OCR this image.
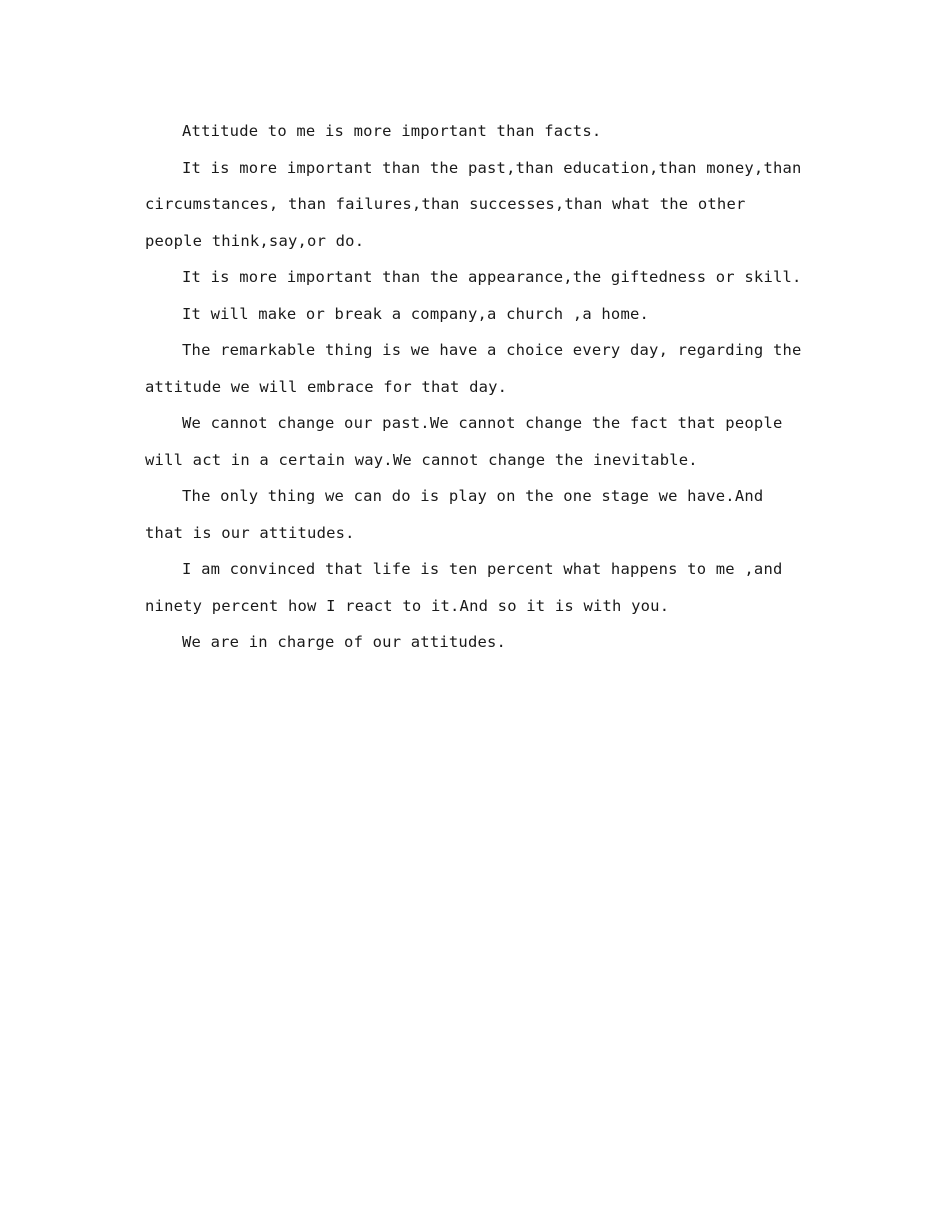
Attitude to me is more important than facts.

It is more important than the past,than education,than money,than circumstances, than failures,than successes,than what the other people think,say,or do.

It is more important than the appearance,the giftedness or skill.

It will make or break a company,a church ,a home.

The remarkable thing is we have a choice every day, regarding the attitude we will embrace for that day.

We cannot change our past.We cannot change the fact that people will act in a certain way.We cannot change the inevitable.

The only thing we can do is play on the one stage we have.And that is our attitudes.

I am convinced that life is ten percent what happens to me ,and ninety percent how I react to it.And so it is with you.

We are in charge of our attitudes.
